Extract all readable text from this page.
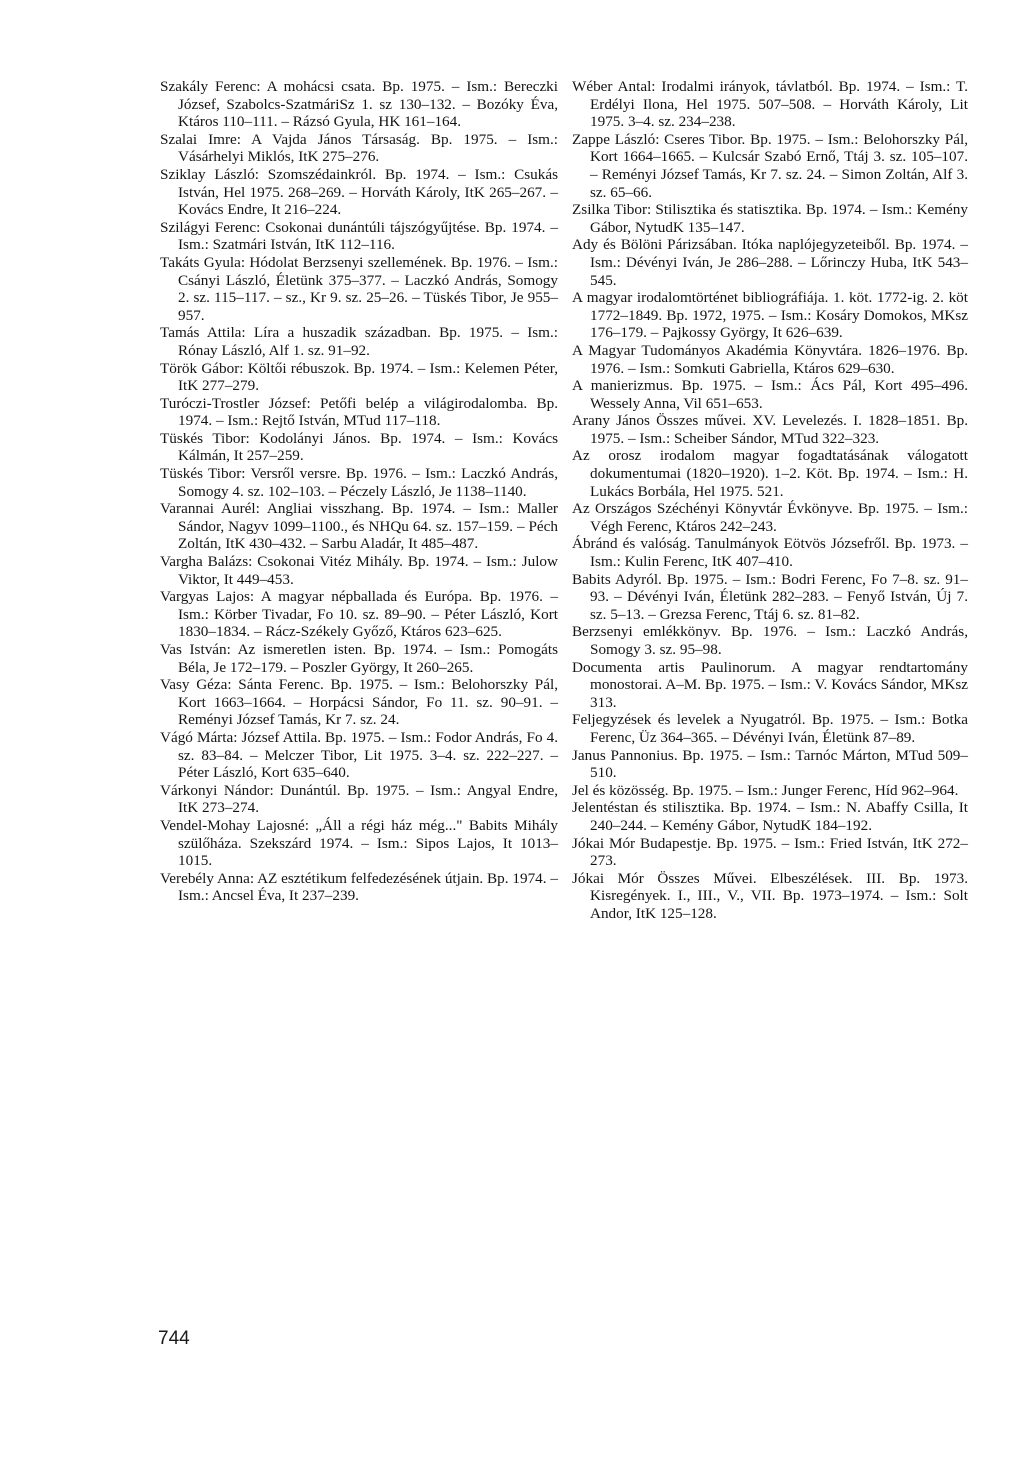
Szakály Ferenc: A mohácsi csata. Bp. 1975. – Ism.: Bereczki József, Szabolcs-SzatmáriSz 1. sz 130–132. – Bozóky Éva, Ktáros 110–111. – Rázsó Gyula, HK 161–164.

Szalai Imre: A Vajda János Társaság. Bp. 1975. – Ism.: Vásárhelyi Miklós, ItK 275–276.

Sziklay László: Szomszédainkról. Bp. 1974. – Ism.: Csukás István, Hel 1975. 268–269. – Horváth Károly, ItK 265–267. – Kovács Endre, It 216–224.

Szilágyi Ferenc: Csokonai dunántúli tájszógyűjtése. Bp. 1974. – Ism.: Szatmári István, ItK 112–116.

Takáts Gyula: Hódolat Berzsenyi szellemének. Bp. 1976. – Ism.: Csányi László, Életünk 375–377. – Laczkó András, Somogy 2. sz. 115–117. – sz., Kr 9. sz. 25–26. – Tüskés Tibor, Je 955–957.

Tamás Attila: Líra a huszadik században. Bp. 1975. – Ism.: Rónay László, Alf 1. sz. 91–92.

Török Gábor: Költői rébuszok. Bp. 1974. – Ism.: Kelemen Péter, ItK 277–279.

Turóczi-Trostler József: Petőfi belép a világirodalomba. Bp. 1974. – Ism.: Rejtő István, MTud 117–118.

Tüskés Tibor: Kodolányi János. Bp. 1974. – Ism.: Kovács Kálmán, It 257–259.

Tüskés Tibor: Versről versre. Bp. 1976. – Ism.: Laczkó András, Somogy 4. sz. 102–103. – Péczely László, Je 1138–1140.

Varannai Aurél: Angliai visszhang. Bp. 1974. – Ism.: Maller Sándor, Nagyv 1099–1100., és NHQu 64. sz. 157–159. – Péch Zoltán, ItK 430–432. – Sarbu Aladár, It 485–487.

Vargha Balázs: Csokonai Vitéz Mihály. Bp. 1974. – Ism.: Julow Viktor, It 449–453.

Vargyas Lajos: A magyar népballada és Európa. Bp. 1976. – Ism.: Körber Tivadar, Fo 10. sz. 89–90. – Péter László, Kort 1830–1834. – Rácz-Székely Győző, Ktáros 623–625.

Vas István: Az ismeretlen isten. Bp. 1974. – Ism.: Pomogáts Béla, Je 172–179. – Poszler György, It 260–265.

Vasy Géza: Sánta Ferenc. Bp. 1975. – Ism.: Belohorszky Pál, Kort 1663–1664. – Horpácsi Sándor, Fo 11. sz. 90–91. – Reményi József Tamás, Kr 7. sz. 24.

Vágó Márta: József Attila. Bp. 1975. – Ism.: Fodor András, Fo 4. sz. 83–84. – Melczer Tibor, Lit 1975. 3–4. sz. 222–227. – Péter László, Kort 635–640.

Várkonyi Nándor: Dunántúl. Bp. 1975. – Ism.: Angyal Endre, ItK 273–274.

Vendel-Mohay Lajosné: „Áll a régi ház még..." Babits Mihály szülőháza. Szekszárd 1974. – Ism.: Sipos Lajos, It 1013–1015.

Verebély Anna: AZ esztétikum felfedezésének útjain. Bp. 1974. – Ism.: Ancsel Éva, It 237–239.

Wéber Antal: Irodalmi irányok, távlatból. Bp. 1974. – Ism.: T. Erdélyi Ilona, Hel 1975. 507–508. – Horváth Károly, Lit 1975. 3–4. sz. 234–238.

Zappe László: Cseres Tibor. Bp. 1975. – Ism.: Belohorszky Pál, Kort 1664–1665. – Kulcsár Szabó Ernő, Ttáj 3. sz. 105–107. – Reményi József Tamás, Kr 7. sz. 24. – Simon Zoltán, Alf 3. sz. 65–66.

Zsilka Tibor: Stilisztika és statisztika. Bp. 1974. – Ism.: Kemény Gábor, NytudK 135–147.

Ady és Bölöni Párizsában. Itóka naplójegyzeteiből. Bp. 1974. – Ism.: Dévényi Iván, Je 286–288. – Lőrinczy Huba, ItK 543–545.

A magyar irodalomtörténet bibliográfiája. 1. köt. 1772-ig. 2. köt 1772–1849. Bp. 1972, 1975. – Ism.: Kosáry Domokos, MKsz 176–179. – Pajkossy György, It 626–639.

A Magyar Tudományos Akadémia Könyvtára. 1826–1976. Bp. 1976. – Ism.: Somkuti Gabriella, Ktáros 629–630.

A manierizmus. Bp. 1975. – Ism.: Ács Pál, Kort 495–496. Wessely Anna, Vil 651–653.

Arany János Összes művei. XV. Levelezés. I. 1828–1851. Bp. 1975. – Ism.: Scheiber Sándor, MTud 322–323.

Az orosz irodalom magyar fogadtatásának válogatott dokumentumai (1820–1920). 1–2. Köt. Bp. 1974. – Ism.: H. Lukács Borbála, Hel 1975. 521.

Az Országos Széchényi Könyvtár Évkönyve. Bp. 1975. – Ism.: Végh Ferenc, Ktáros 242–243.

Ábránd és valóság. Tanulmányok Eötvös Józsefről. Bp. 1973. – Ism.: Kulin Ferenc, ItK 407–410.

Babits Adyról. Bp. 1975. – Ism.: Bodri Ferenc, Fo 7–8. sz. 91–93. – Dévényi Iván, Életünk 282–283. – Fenyő István, Új 7. sz. 5–13. – Grezsa Ferenc, Ttáj 6. sz. 81–82.

Berzsenyi emlékkönyv. Bp. 1976. – Ism.: Laczkó András, Somogy 3. sz. 95–98.

Documenta artis Paulinorum. A magyar rendtartomány monostorai. A–M. Bp. 1975. – Ism.: V. Kovács Sándor, MKsz 313.

Feljegyzések és levelek a Nyugatról. Bp. 1975. – Ism.: Botka Ferenc, Üz 364–365. – Dévényi Iván, Életünk 87–89.

Janus Pannonius. Bp. 1975. – Ism.: Tarnóc Márton, MTud 509–510.

Jel és közösség. Bp. 1975. – Ism.: Junger Ferenc, Híd 962–964.

Jelentéstan és stilisztika. Bp. 1974. – Ism.: N. Abaffy Csilla, It 240–244. – Kemény Gábor, NytudK 184–192.

Jókai Mór Budapestje. Bp. 1975. – Ism.: Fried István, ItK 272–273.

Jókai Mór Összes Művei. Elbeszélések. III. Bp. 1973. Kisregények. I., III., V., VII. Bp. 1973–1974. – Ism.: Solt Andor, ItK 125–128.

744
